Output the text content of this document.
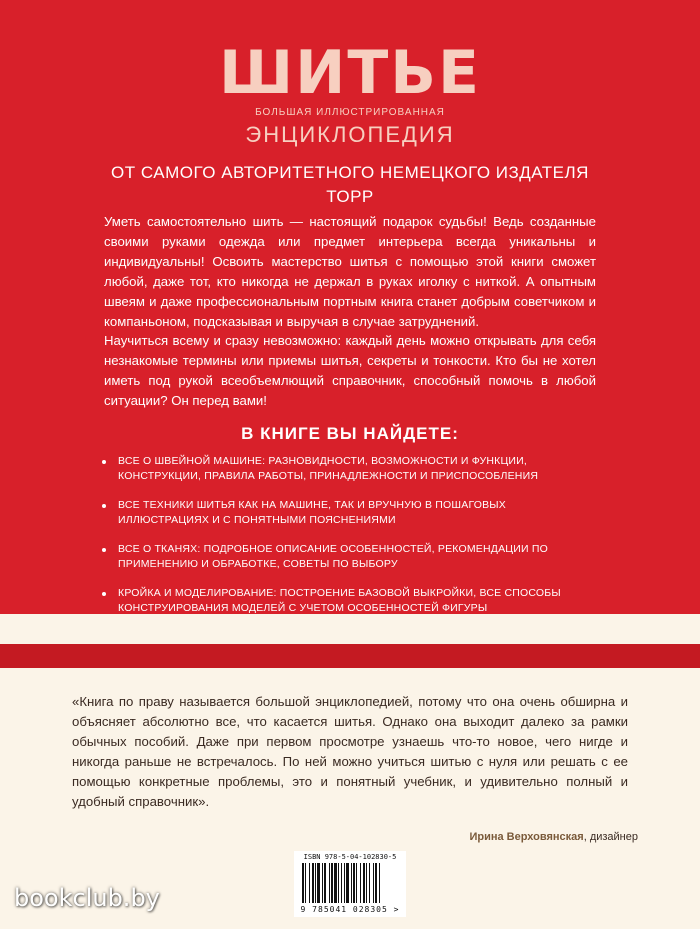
ШИТЬЕ
БОЛЬШАЯ ИЛЛЮСТРИРОВАННАЯ
ЭНЦИКЛОПЕДИЯ
ОТ САМОГО АВТОРИТЕТНОГО НЕМЕЦКОГО ИЗДАТЕЛЯ ТОРР

Уметь самостоятельно шить — настоящий подарок судьбы! Ведь созданные своими руками одежда или предмет интерьера всегда уникальны и индивидуальны! Освоить мастерство шитья с помощью этой книги сможет любой, даже тот, кто никогда не держал в руках иголку с ниткой. А опытным швеям и даже профессиональным портным книга станет добрым советчиком и компаньоном, подсказывая и выручая в случае затруднений.

Научиться всему и сразу невозможно: каждый день можно открывать для себя незнакомые термины или приемы шитья, секреты и тонкости. Кто бы не хотел иметь под рукой всеобъемлющий справочник, способный помочь в любой ситуации? Он перед вами!

В КНИГЕ ВЫ НАЙДЕТЕ:
ВСЕ О ШВЕЙНОЙ МАШИНЕ: РАЗНОВИДНОСТИ, ВОЗМОЖНОСТИ И ФУНКЦИИ, КОНСТРУКЦИИ, ПРАВИЛА РАБОТЫ, ПРИНАДЛЕЖНОСТИ И ПРИСПОСОБЛЕНИЯ
ВСЕ ТЕХНИКИ ШИТЬЯ КАК НА МАШИНЕ, ТАК И ВРУЧНУЮ В ПОШАГОВЫХ ИЛЛЮСТРАЦИЯХ И С ПОНЯТНЫМИ ПОЯСНЕНИЯМИ
ВСЕ О ТКАНЯХ: ПОДРОБНОЕ ОПИСАНИЕ ОСОБЕННОСТЕЙ, РЕКОМЕНДАЦИИ ПО ПРИМЕНЕНИЮ И ОБРАБОТКЕ, СОВЕТЫ ПО ВЫБОРУ
КРОЙКА И МОДЕЛИРОВАНИЕ: ПОСТРОЕНИЕ БАЗОВОЙ ВЫКРОЙКИ, ВСЕ СПОСОБЫ КОНСТРУИРОВАНИЯ МОДЕЛЕЙ С УЧЕТОМ ОСОБЕННОСТЕЙ ФИГУРЫ

«Книга по праву называется большой энциклопедией, потому что она очень обширна и объясняет абсолютно все, что касается шитья. Однако она выходит далеко за рамки обычных пособий. Даже при первом просмотре узнаешь что-то новое, чего нигде и никогда раньше не встречалось. По ней можно учиться шитью с нуля или решать с ее помощью конкретные проблемы, это и понятный учебник, и удивительно полный и удобный справочник».

Ирина Верховянская, дизайнер
ISBN 978-5-04-102830-5
9 785041 028305 >
bookclub.by
